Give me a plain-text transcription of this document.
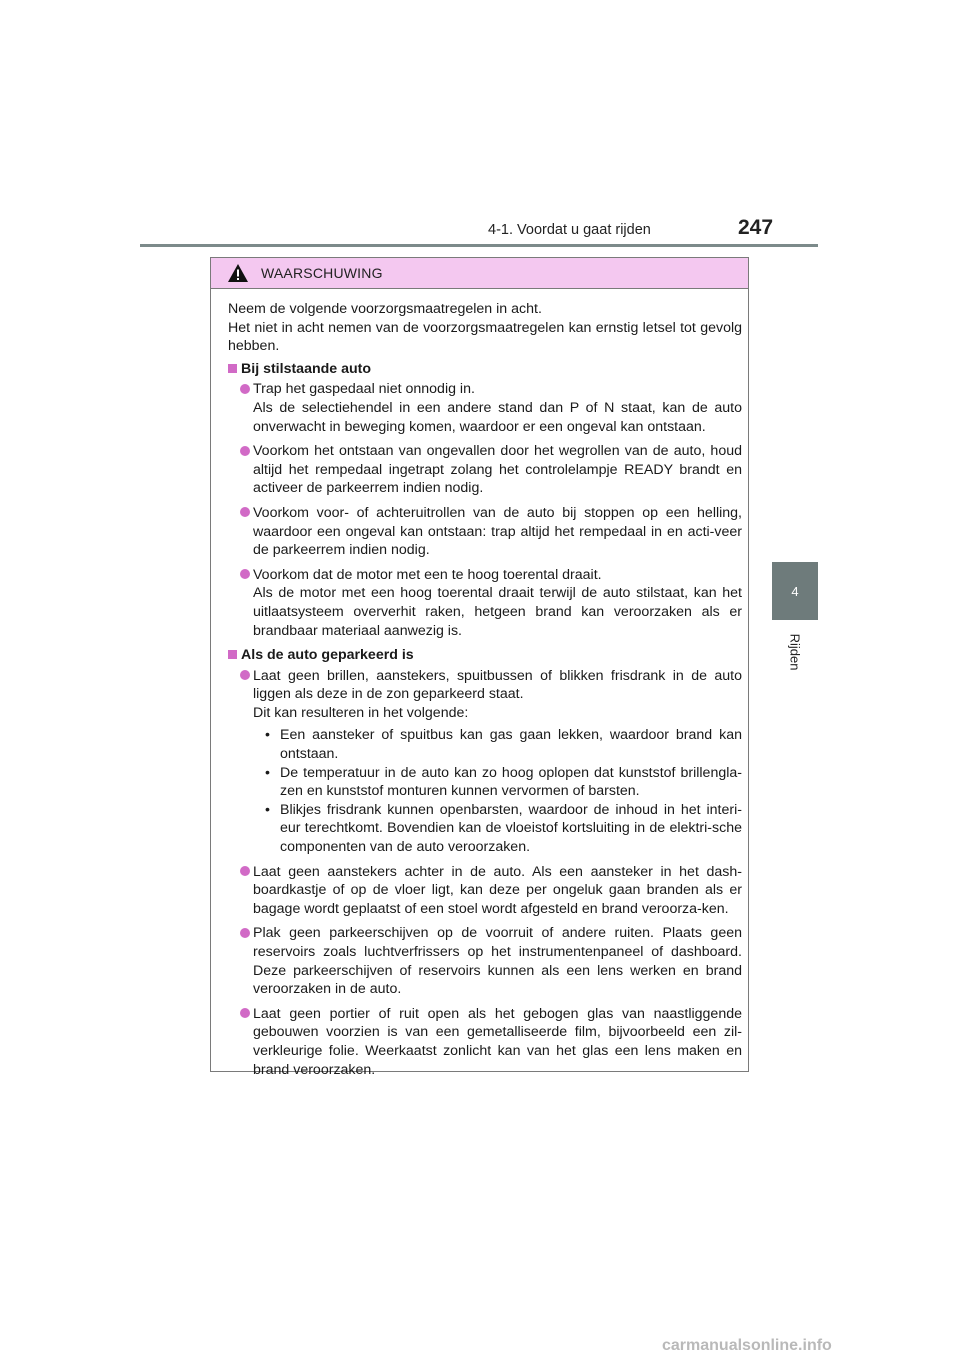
4-1. Voordat u gaat rijden	247
4
Rijden
WAARSCHUWING
Neem de volgende voorzorgsmaatregelen in acht.
Het niet in acht nemen van de voorzorgsmaatregelen kan ernstig letsel tot gevolg hebben.
Bij stilstaande auto
Trap het gaspedaal niet onnodig in.
Als de selectiehendel in een andere stand dan P of N staat, kan de auto onverwacht in beweging komen, waardoor er een ongeval kan ontstaan.
Voorkom het ontstaan van ongevallen door het wegrollen van de auto, houd altijd het rempedaal ingetrapt zolang het controlelampje READY brandt en activeer de parkeerrem indien nodig.
Voorkom voor- of achteruitrollen van de auto bij stoppen op een helling, waardoor een ongeval kan ontstaan: trap altijd het rempedaal in en acti-veer de parkeerrem indien nodig.
Voorkom dat de motor met een te hoog toerental draait.
Als de motor met een hoog toerental draait terwijl de auto stilstaat, kan het uitlaatsysteem oververhit raken, hetgeen brand kan veroorzaken als er brandbaar materiaal aanwezig is.
Als de auto geparkeerd is
Laat geen brillen, aanstekers, spuitbussen of blikken frisdrank in de auto liggen als deze in de zon geparkeerd staat.
Dit kan resulteren in het volgende:
• Een aansteker of spuitbus kan gas gaan lekken, waardoor brand kan ontstaan.
• De temperatuur in de auto kan zo hoog oplopen dat kunststof brillengla-zen en kunststof monturen kunnen vervormen of barsten.
• Blikjes frisdrank kunnen openbarsten, waardoor de inhoud in het interi-eur terechtkomt. Bovendien kan de vloeistof kortsluiting in de elektri-sche componenten van de auto veroorzaken.
Laat geen aanstekers achter in de auto. Als een aansteker in het dash-boardkastje of op de vloer ligt, kan deze per ongeluk gaan branden als er bagage wordt geplaatst of een stoel wordt afgesteld en brand veroorza-ken.
Plak geen parkeerschijven op de voorruit of andere ruiten. Plaats geen reservoirs zoals luchtverfrissers op het instrumentenpaneel of dashboard. Deze parkeerschijven of reservoirs kunnen als een lens werken en brand veroorzaken in de auto.
Laat geen portier of ruit open als het gebogen glas van naastliggende gebouwen voorzien is van een gemetalliseerde film, bijvoorbeeld een zil-verkleurige folie. Weerkaatst zonlicht kan van het glas een lens maken en brand veroorzaken.
carmanualsonline.info
